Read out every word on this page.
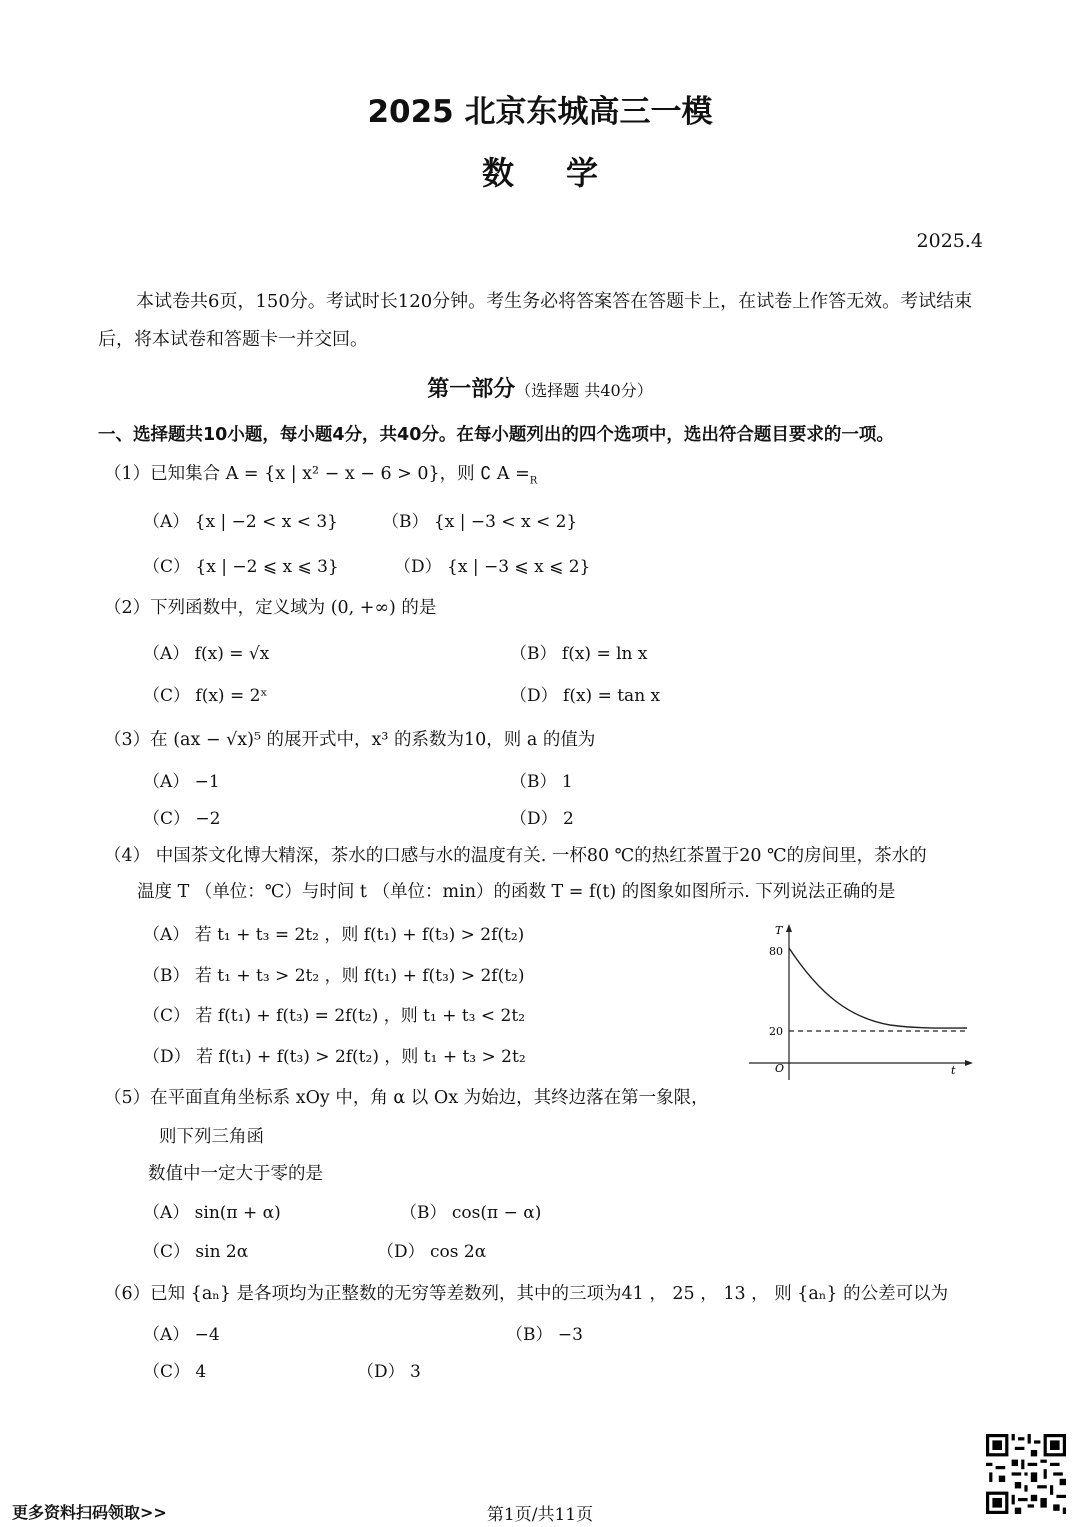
2025 北京东城高三一模
数学
2025.4
本试卷共6页，150分。考试时长120分钟。考生务必将答案答在答题卡上，在试卷上作答无效。考试结束后，将本试卷和答题卡一并交回。
第一部分（选择题 共40分）
一、选择题共10小题，每小题4分，共40分。在每小题列出的四个选项中，选出符合题目要求的一项。
（1）已知集合 A = {x | x² − x − 6 > 0}，则 ∁ $A =_R$
（A） {x | −2 < x < 3}	（B） {x | −3 < x < 2}
（C） {x | −2 ⩽ x ⩽ 3}	（D） {x | −3 ⩽ x ⩽ 2}
（2）下列函数中，定义域为 (0, +∞) 的是
（A） f(x) = √x	（B） f(x) = ln x
（C） f(x) = 2ˣ	（D） f(x) = tan x
（3）在 (ax − √x)⁵ 的展开式中，x³ 的系数为10，则 a 的值为
（A） −1	（B） 1
（C） −2	（D） 2
（4） 中国茶文化博大精深，茶水的口感与水的温度有关. 一杯80 ℃的热红茶置于20 ℃的房间里，茶水的
温度 T （单位：℃）与时间 t （单位：min）的函数 T = f(t) 的图象如图所示. 下列说法正确的是
（A） 若 t₁ + t₃ = 2t₂ ，则 f(t₁) + f(t₃) > 2f(t₂)
（B） 若 t₁ + t₃ > 2t₂ ，则 f(t₁) + f(t₃) > 2f(t₂)
（C） 若 f(t₁) + f(t₃) = 2f(t₂) ，则 t₁ + t₃ < 2t₂
（D） 若 f(t₁) + f(t₃) > 2f(t₂) ，则 t₁ + t₃ > 2t₂
T
80
20
O	t
（5）在平面直角坐标系 xOy 中，角 α 以 Ox 为始边，其终边落在第一象限，
则下列三角函
数值中一定大于零的是
（A） sin(π + α)	（B） cos(π − α)
（C） sin 2α	（D） cos 2α
（6）已知 {aₙ} 是各项均为正整数的无穷等差数列，其中的三项为41 ， 25 ， 13 ， 则 {aₙ} 的公差可以为
（A） −4	（B） −3
（C） 4	（D） 3
更多资料扫码领取>>	第1页/共11页
